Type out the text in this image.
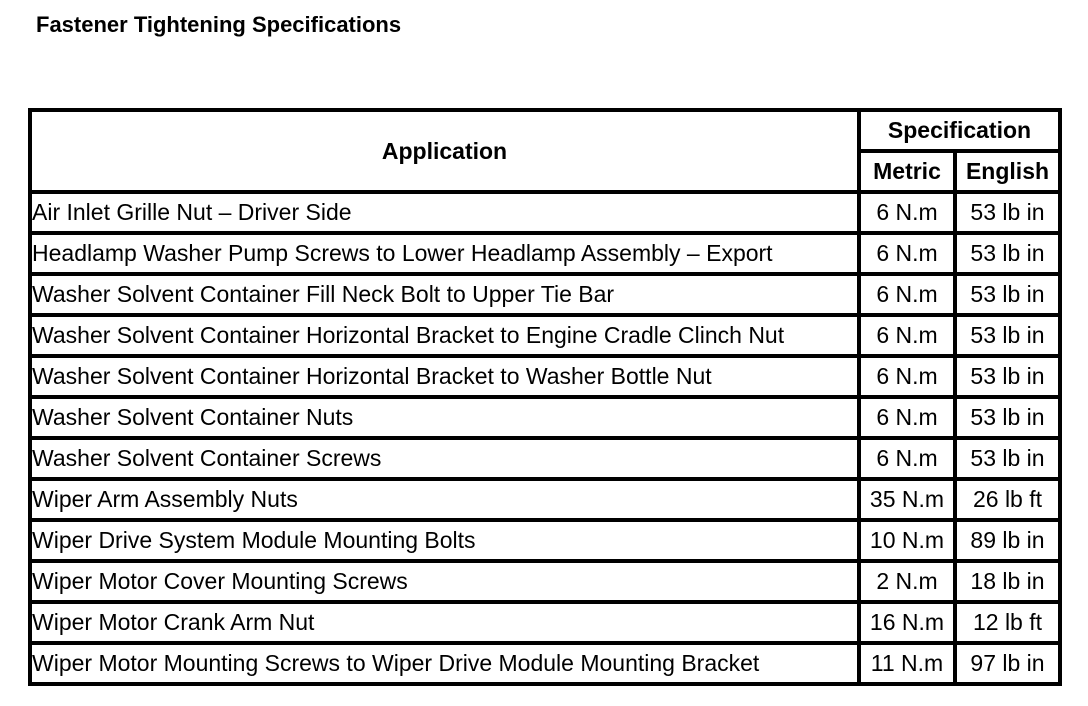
Fastener Tightening Specifications
Application	Specification	
	Metric	English
Air Inlet Grille Nut – Driver Side	6 N.m	53 lb in
Headlamp Washer Pump Screws to Lower Headlamp Assembly – Export	6 N.m	53 lb in
Washer Solvent Container Fill Neck Bolt to Upper Tie Bar	6 N.m	53 lb in
Washer Solvent Container Horizontal Bracket to Engine Cradle Clinch Nut	6 N.m	53 lb in
Washer Solvent Container Horizontal Bracket to Washer Bottle Nut	6 N.m	53 lb in
Washer Solvent Container Nuts	6 N.m	53 lb in
Washer Solvent Container Screws	6 N.m	53 lb in
Wiper Arm Assembly Nuts	35 N.m	26 lb ft
Wiper Drive System Module Mounting Bolts	10 N.m	89 lb in
Wiper Motor Cover Mounting Screws	2 N.m	18 lb in
Wiper Motor Crank Arm Nut	16 N.m	12 lb ft
Wiper Motor Mounting Screws to Wiper Drive Module Mounting Bracket	11 N.m	97 lb in
